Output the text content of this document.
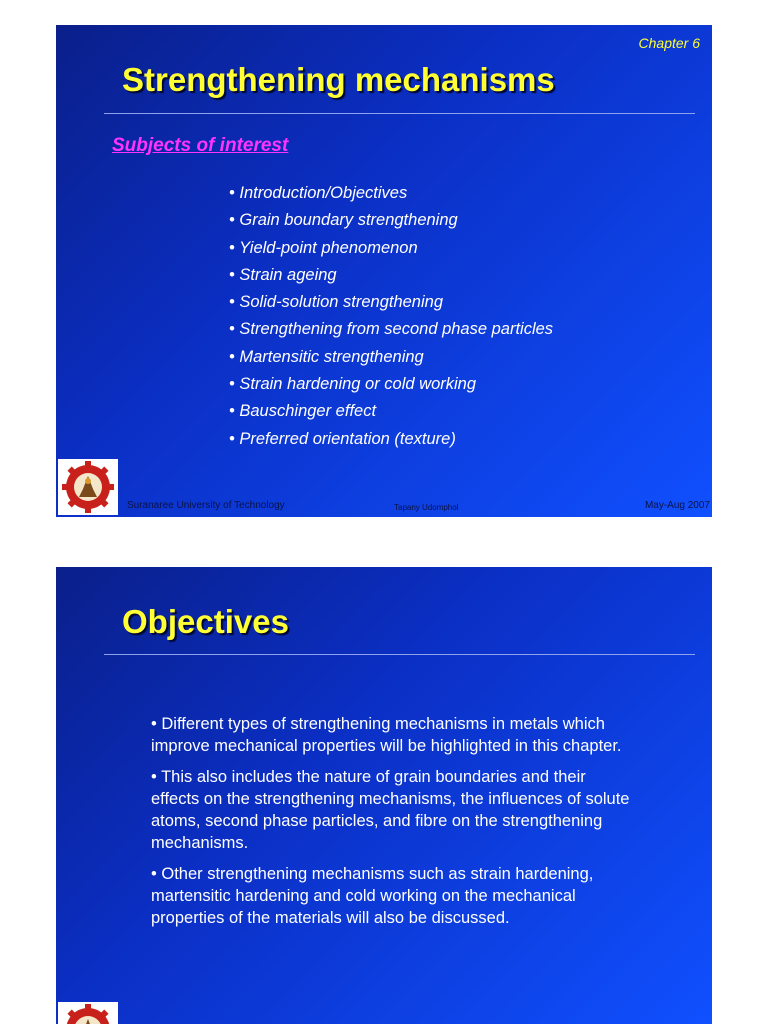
Chapter 6
Strengthening mechanisms
Subjects of interest
• Introduction/Objectives
• Grain boundary strengthening
• Yield-point phenomenon
• Strain ageing
• Solid-solution strengthening
• Strengthening from second phase particles
• Martensitic strengthening
• Strain hardening or cold working
• Bauschinger effect
• Preferred orientation (texture)
Suranaree University of Technology	Tapany Udomphol	May-Aug 2007
Objectives

• Different types of strengthening mechanisms in metals which improve mechanical properties will be highlighted in this chapter.

• This also includes the nature of grain boundaries and their effects on the strengthening mechanisms, the influences of solute atoms, second phase particles, and fibre on the strengthening mechanisms.

• Other strengthening mechanisms such as strain hardening, martensitic hardening and cold working on the mechanical properties of the materials will also be discussed.
